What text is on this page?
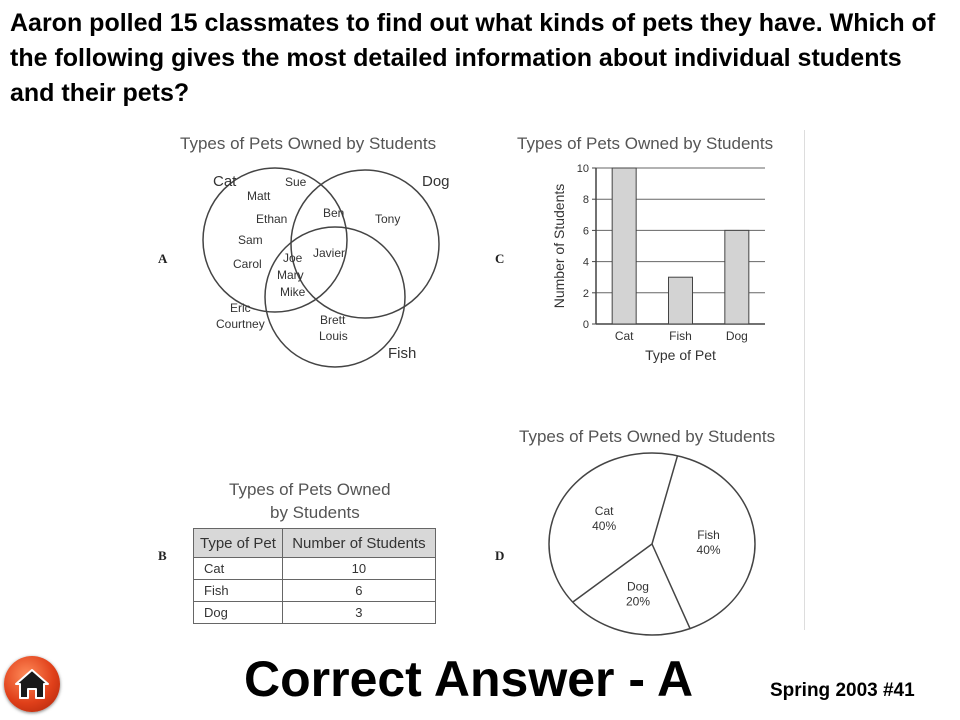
Aaron polled 15 classmates to find out what kinds of pets they have. Which of the following gives the most detailed information about individual students and their pets?
Types of Pets Owned by Students
A
Cat	Dog
Fish
Sue
Matt
Ethan
Sam
Carol
Ben	Tony
Javier
Joe
Mary
Mike
Eric
Courtney	Brett
Louis
Types of Pets Owned by Students
C
0
2
4
6
8
10
Cat	Fish	Dog
Type of Pet
Number of Students
Types of Pets Owned
by Students
B
Type of Pet	Number of Students
Cat	10
Fish	6
Dog	3
Types of Pets Owned by Students
D
Fish
40%
Dog
20%
Cat
40%
Correct Answer - A	Spring 2003 #41
